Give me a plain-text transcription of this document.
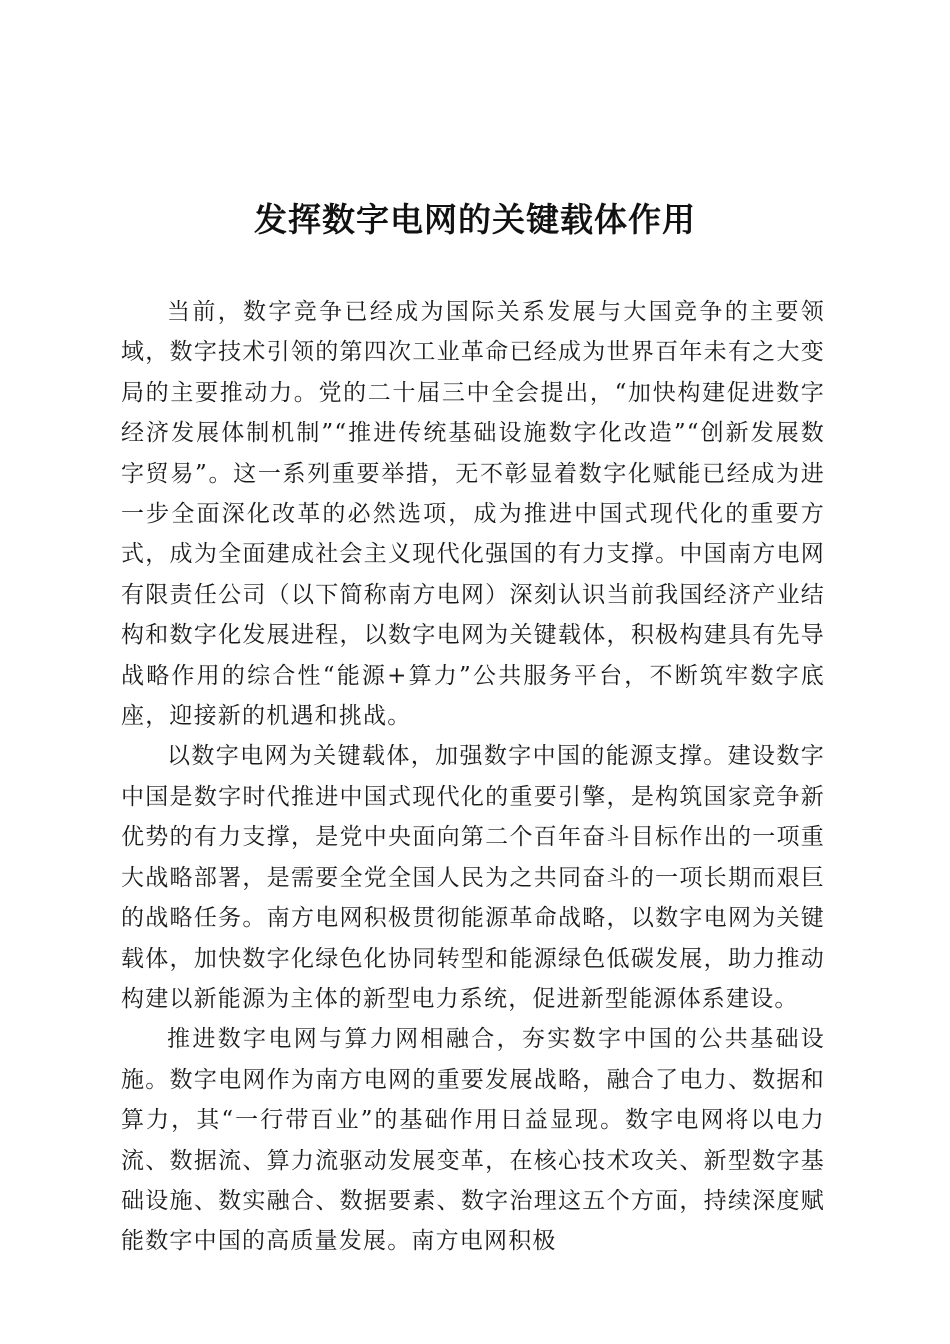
发挥数字电网的关键载体作用

当前，数字竞争已经成为国际关系发展与大国竞争的主要领域，数字技术引领的第四次工业革命已经成为世界百年未有之大变局的主要推动力。党的二十届三中全会提出，“加快构建促进数字经济发展体制机制”“推进传统基础设施数字化改造”“创新发展数字贸易”。这一系列重要举措，无不彰显着数字化赋能已经成为进一步全面深化改革的必然选项，成为推进中国式现代化的重要方式，成为全面建成社会主义现代化强国的有力支撑。中国南方电网有限责任公司（以下简称南方电网）深刻认识当前我国经济产业结构和数字化发展进程，以数字电网为关键载体，积极构建具有先导战略作用的综合性“能源+算力”公共服务平台，不断筑牢数字底座，迎接新的机遇和挑战。

以数字电网为关键载体，加强数字中国的能源支撑。建设数字中国是数字时代推进中国式现代化的重要引擎，是构筑国家竞争新优势的有力支撑，是党中央面向第二个百年奋斗目标作出的一项重大战略部署，是需要全党全国人民为之共同奋斗的一项长期而艰巨的战略任务。南方电网积极贯彻能源革命战略，以数字电网为关键载体，加快数字化绿色化协同转型和能源绿色低碳发展，助力推动构建以新能源为主体的新型电力系统，促进新型能源体系建设。

推进数字电网与算力网相融合，夯实数字中国的公共基础设施。数字电网作为南方电网的重要发展战略，融合了电力、数据和算力，其“一行带百业”的基础作用日益显现。数字电网将以电力流、数据流、算力流驱动发展变革，在核心技术攻关、新型数字基础设施、数实融合、数据要素、数字治理这五个方面，持续深度赋能数字中国的高质量发展。南方电网积极
